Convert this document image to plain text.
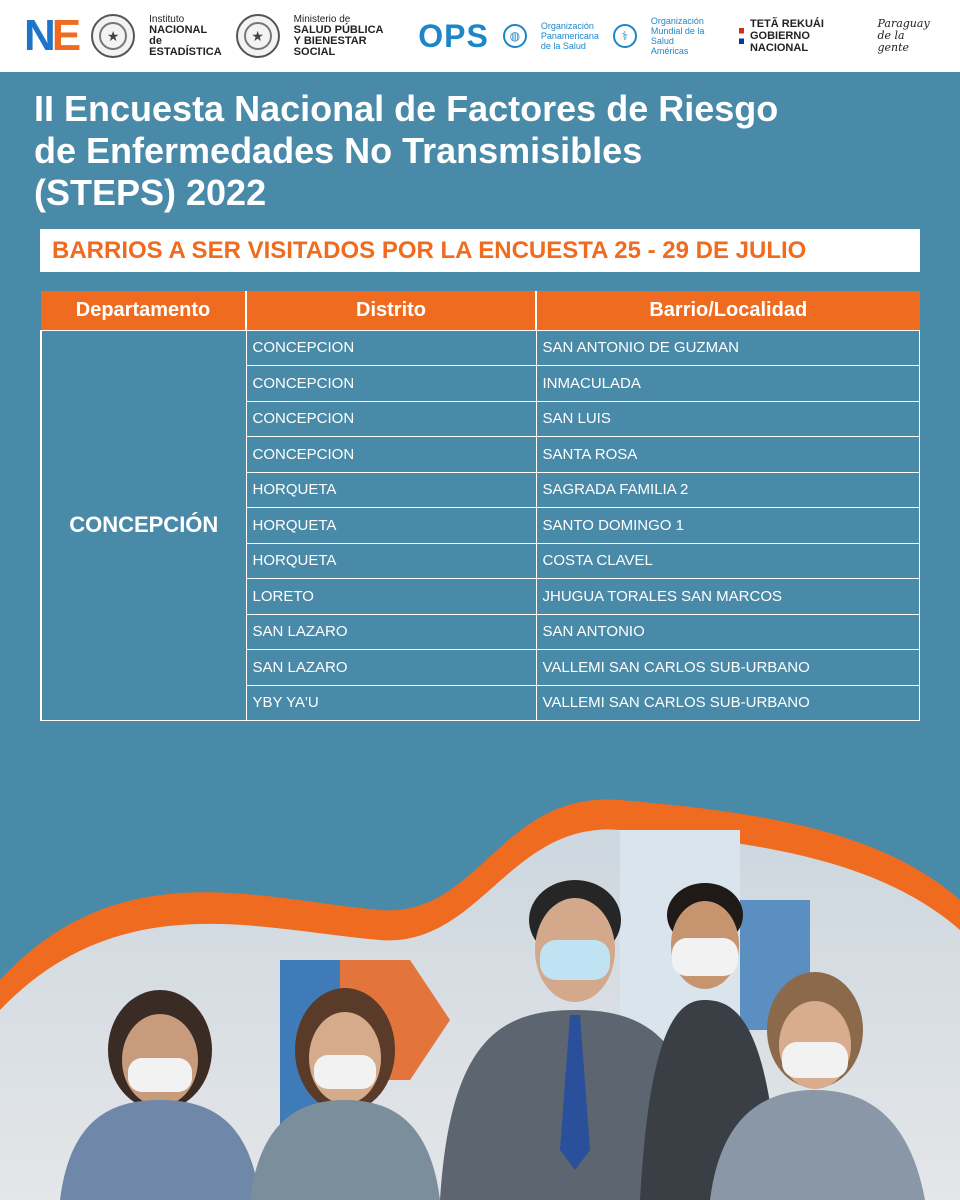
NE	★
Instituto
NACIONAL de
ESTADÍSTICA
★
Ministerio de
SALUD PÚBLICA
Y BIENESTAR SOCIAL	OPS	◍
Organización
Panamericana
de la Salud
⚕
Organización
Mundial de la Salud
Américas
TETÃ REKUÁI
GOBIERNO NACIONAL
Paraguay
de la gente
II Encuesta Nacional de Factores de Riesgo
de Enfermedades No Transmisibles
(STEPS) 2022
BARRIOS A SER VISITADOS POR LA ENCUESTA 25 - 29 DE JULIO
Departamento	Distrito	Barrio/Localidad
CONCEPCIÓN	CONCEPCION	SAN ANTONIO DE GUZMAN
	CONCEPCION	INMACULADA
	CONCEPCION	SAN LUIS
	CONCEPCION	SANTA ROSA
	HORQUETA	SAGRADA FAMILIA 2
	HORQUETA	SANTO DOMINGO 1
	HORQUETA	COSTA CLAVEL
	LORETO	JHUGUA TORALES SAN MARCOS
	SAN LAZARO	SAN ANTONIO
	SAN LAZARO	VALLEMI SAN CARLOS SUB-URBANO
	YBY YA'U	VALLEMI SAN CARLOS SUB-URBANO
